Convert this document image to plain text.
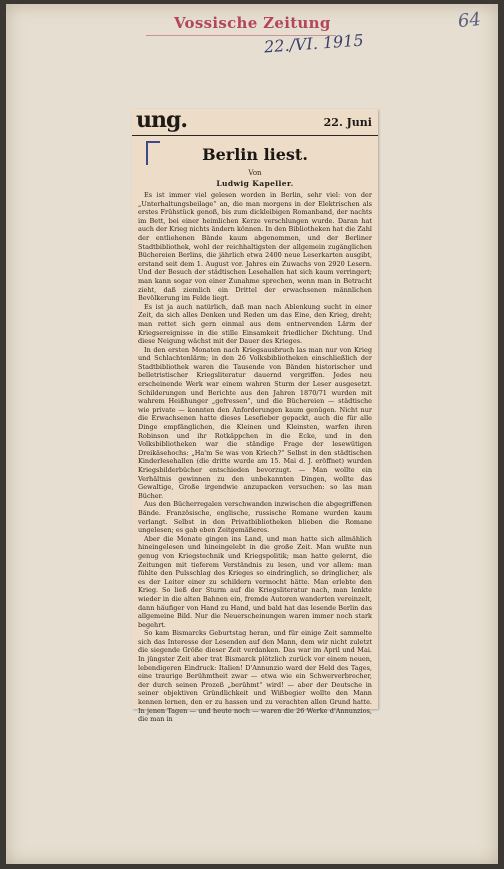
Vossische Zeitung
22./VI. 1915
64
ung.	22. Juni
Berlin liest.
Von
Ludwig Kapeller.

Es ist immer viel gelesen worden in Berlin, sehr viel: von der „Unterhaltungsbeilage“ an, die man morgens in der Elektrischen als erstes Frühstück genoß, bis zum dickleibigen Romanband, der nachts im Bett, bei einer heimlichen Kerze verschlungen wurde. Daran hat auch der Krieg nichts ändern können. In den Bibliotheken hat die Zahl der entliehenen Bände kaum abgenommen, und der Berliner Stadtbibliothek, wohl der reichhaltigsten der allgemein zugänglichen Büchereien Berlins, die jährlich etwa 2400 neue Leserkarten ausgibt, erstand seit dem 1. August vor. Jahres ein Zuwachs von 2920 Lesern. Und der Besuch der städtischen Lesehallen hat sich kaum verringert; man kann sogar von einer Zunahme sprechen, wenn man in Betracht zieht, daß ziemlich ein Drittel der erwachsenen männlichen Bevölkerung im Felde liegt.

Es ist ja auch natürlich, daß man nach Ablenkung sucht in einer Zeit, da sich alles Denken und Reden um das Eine, den Krieg, dreht; man rettet sich gern einmal aus dem entnervenden Lärm der Kriegsereignisse in die stille Einsamkeit friedlicher Dichtung. Und diese Neigung wächst mit der Dauer des Krieges.

In den ersten Monaten nach Kriegsausbruch las man nur von Krieg und Schlachtenlärm; in den 26 Volksbibliotheken einschließlich der Stadtbibliothek waren die Tausende von Bänden historischer und belletristischer Kriegsliteratur dauernd vergriffen. Jedes neu erscheinende Werk war einem wahren Sturm der Leser ausgesetzt. Schilderungen und Berichte aus den Jahren 1870/71 wurden mit wahrem Heißhunger „gefressen“, und die Büchereien — städtische wie private — konnten den Anforderungen kaum genügen. Nicht nur die Erwachsenen hatte dieses Lesefieber gepackt, auch die für alle Dinge empfänglichen, die Kleinen und Kleinsten, warfen ihren Robinson und ihr Rotkäppchen in die Ecke, und in den Volksbibliotheken war die ständige Frage der lesewütigen Dreikäsehochs: „Ha'm Se was von Kriech?“ Selbst in den städtischen Kinderlesehallen (die dritte wurde am 15. Mai d. J. eröffnet) wurden Kriegsbilderbücher entschieden bevorzugt. — Man wollte ein Verhältnis gewinnen zu den unbekannten Dingen, wollte das Gewaltige, Große irgendwie anzupacken versuchen: so las man Bücher.

Aus den Bücherregalen verschwanden inzwischen die abgegriffenen Bände. Französische, englische, russische Romane wurden kaum verlangt. Selbst in den Privatbibliotheken blieben die Romane ungelesen; es gab eben Zeitgemäßeres.

Aber die Monate gingen ins Land, und man hatte sich allmählich hineingelesen und hineingelebt in die große Zeit. Man wußte nun genug von Kriegstechnik und Kriegspolitik; man hatte gelernt, die Zeitungen mit tieferem Verständnis zu lesen, und vor allem: man fühlte den Pulsschlag des Krieges so eindringlich, so dringlicher, als es der Leiter einer zu schildern vermocht hätte. Man erlebte den Krieg. So ließ der Sturm auf die Kriegsliteratur nach, man lenkte wieder in die alten Bahnen ein, fremde Autoren wanderten vereinzelt, dann häufiger von Hand zu Hand, und bald hat das lesende Berlin das allgemeine Bild. Nur die Neuerscheinungen waren immer noch stark begehrt.

So kam Bismarcks Geburtstag heran, und für einige Zeit sammelte sich das Interesse der Lesenden auf den Mann, dem wir nicht zuletzt die siegende Größe dieser Zeit verdanken. Das war im April und Mai. In jüngster Zeit aber trat Bismarck plötzlich zurück vor einem neuen, lebendigeren Eindruck: Italien! D'Annunzio ward der Held des Tages, eine traurige Berühmtheit zwar — etwa wie ein Schwerverbrecher, der durch seinen Prozeß „berühmt“ wird! — aber der Deutsche in seiner objektiven Gründlichkeit und Wißbegier wollte den Mann kennen lernen, den er zu hassen und zu verachten allen Grund hatte. In jenen Tagen — und heute noch — waren die 26 Werke d'Annunzios, die man in
